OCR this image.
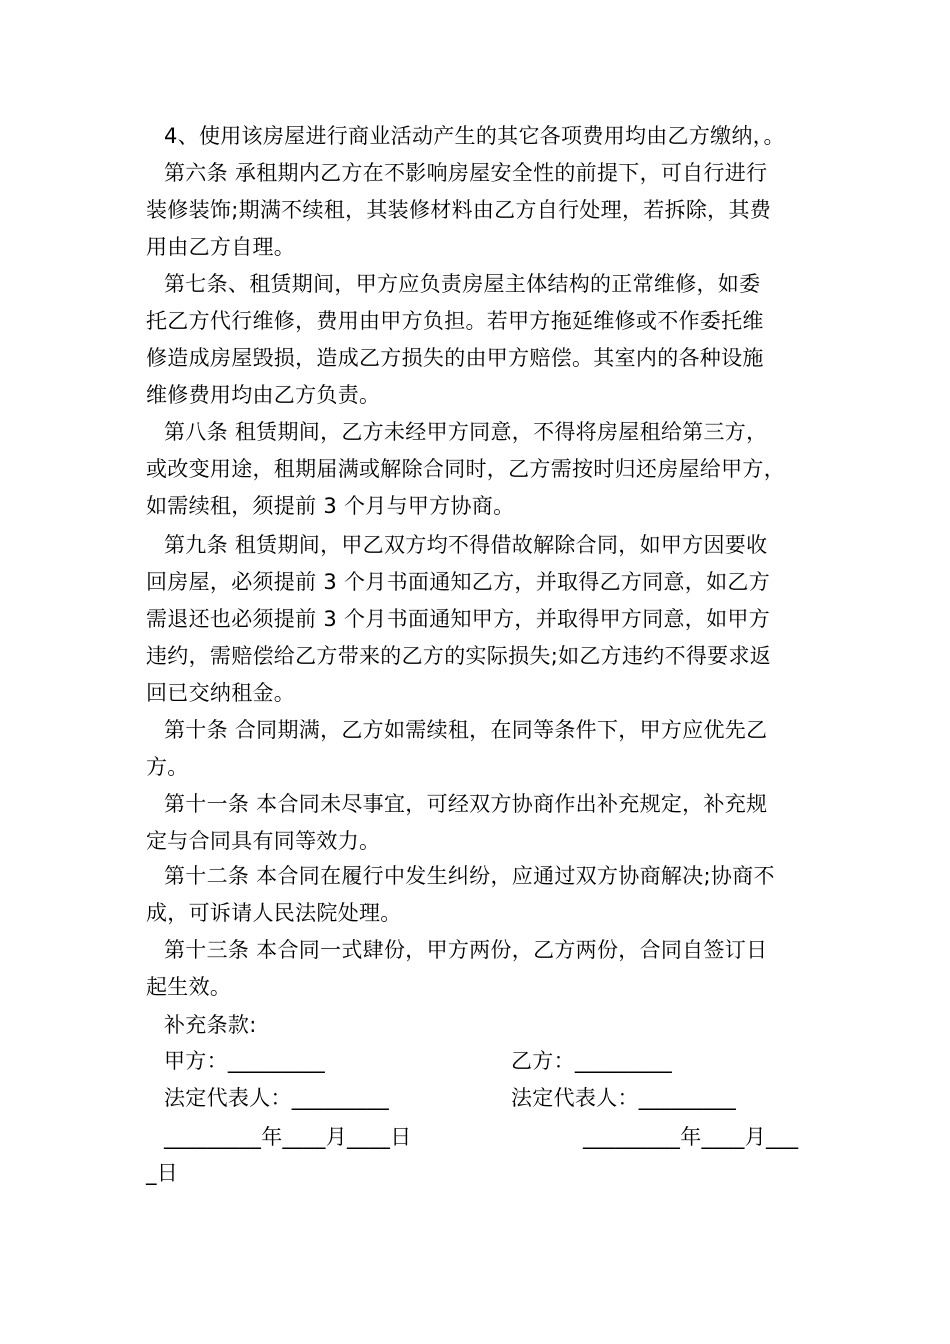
4、使用该房屋进行商业活动产生的其它各项费用均由乙方缴纳，。
第六条 承租期内乙方在不影响房屋安全性的前提下，可自行进行
装修装饰;期满不续租，其装修材料由乙方自行处理，若拆除，其费
用由乙方自理。
第七条、租赁期间，甲方应负责房屋主体结构的正常维修，如委
托乙方代行维修，费用由甲方负担。若甲方拖延维修或不作委托维
修造成房屋毁损，造成乙方损失的由甲方赔偿。其室内的各种设施
维修费用均由乙方负责。
第八条 租赁期间，乙方未经甲方同意，不得将房屋租给第三方，
或改变用途，租期届满或解除合同时，乙方需按时归还房屋给甲方，
如需续租，须提前 3 个月与甲方协商。
第九条 租赁期间，甲乙双方均不得借故解除合同，如甲方因要收
回房屋，必须提前 3 个月书面通知乙方，并取得乙方同意，如乙方
需退还也必须提前 3 个月书面通知甲方，并取得甲方同意，如甲方
违约，需赔偿给乙方带来的乙方的实际损失;如乙方违约不得要求返
回已交纳租金。
第十条 合同期满，乙方如需续租，在同等条件下，甲方应优先乙
方。
第十一条 本合同未尽事宜，可经双方协商作出补充规定，补充规
定与合同具有同等效力。
第十二条 本合同在履行中发生纠纷，应通过双方协商解决;协商不
成，可诉请人民法院处理。
第十三条 本合同一式肆份，甲方两份，乙方两份，合同自签订日
起生效。
补充条款:
甲方：_________	乙方：_________
法定代表人：_________	法定代表人：_________
_________年____月____日	_________年____月___
_日
